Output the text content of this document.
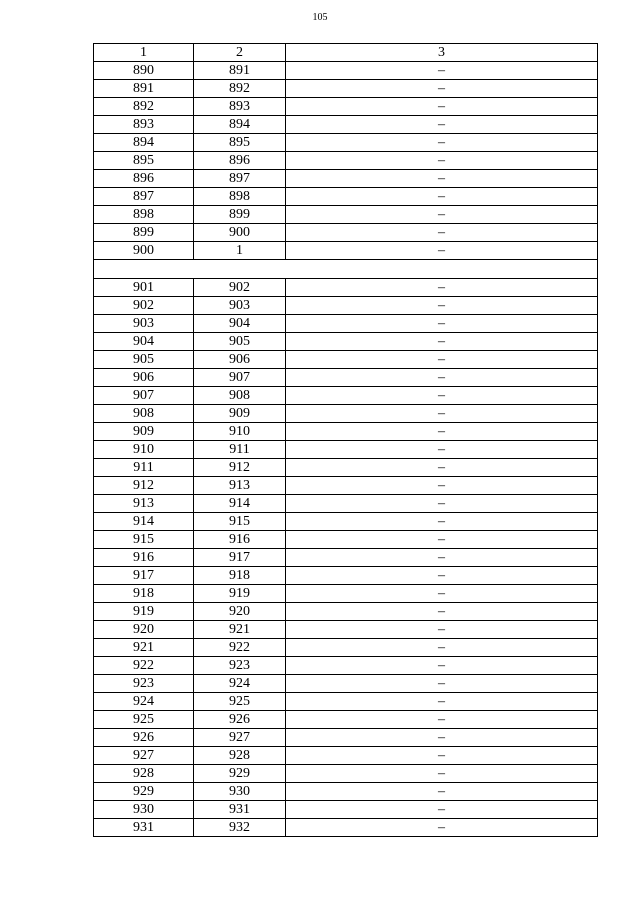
105
1	2	3
890	891	–
891	892	–
892	893	–
893	894	–
894	895	–
895	896	–
896	897	–
897	898	–
898	899	–
899	900	–
900	1	–

901	902	–
902	903	–
903	904	–
904	905	–
905	906	–
906	907	–
907	908	–
908	909	–
909	910	–
910	911	–
911	912	–
912	913	–
913	914	–
914	915	–
915	916	–
916	917	–
917	918	–
918	919	–
919	920	–
920	921	–
921	922	–
922	923	–
923	924	–
924	925	–
925	926	–
926	927	–
927	928	–
928	929	–
929	930	–
930	931	–
931	932	–
